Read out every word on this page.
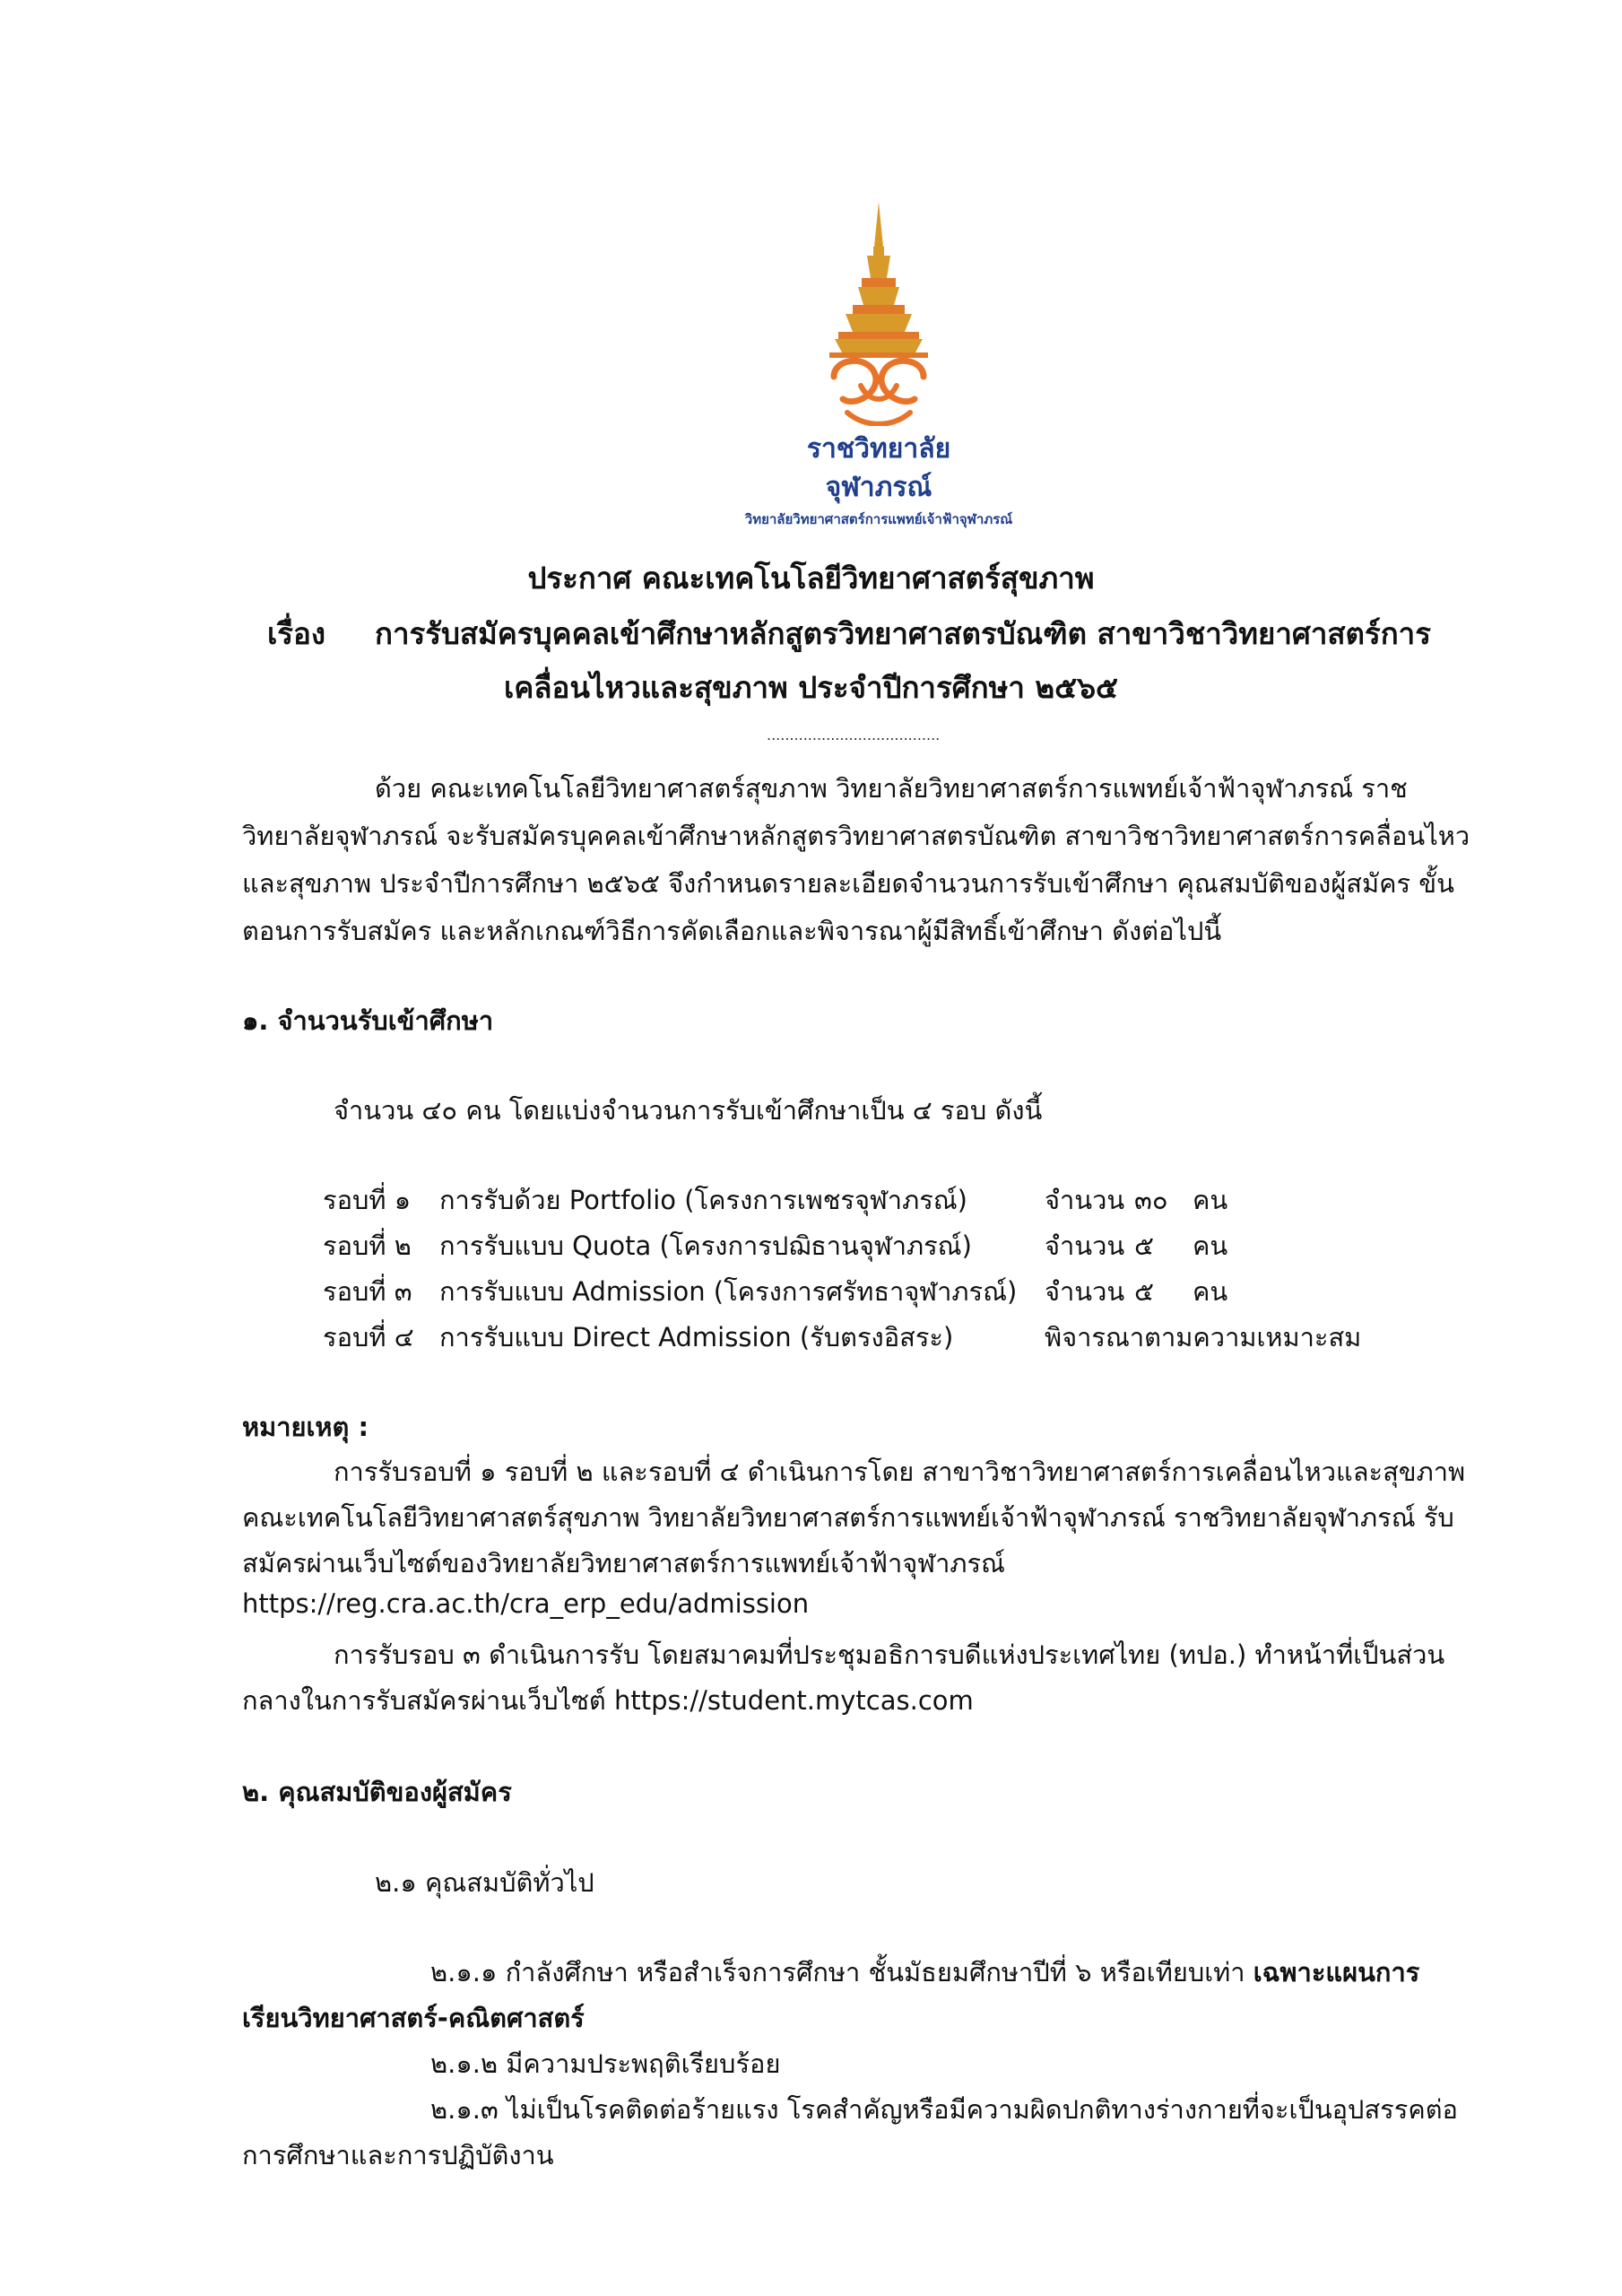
ราชวิทยาลัย
จุฬาภรณ์
วิทยาลัยวิทยาศาสตร์การแพทย์เจ้าฟ้าจุฬาภรณ์
ประกาศ คณะเทคโนโลยีวิทยาศาสตร์สุขภาพ
เรื่อง การรับสมัครบุคคลเข้าศึกษาหลักสูตรวิทยาศาสตรบัณฑิต สาขาวิชาวิทยาศาสตร์การ
เคลื่อนไหวและสุขภาพ ประจำปีการศึกษา ๒๕๖๕
......................................
ด้วย คณะเทคโนโลยีวิทยาศาสตร์สุขภาพ วิทยาลัยวิทยาศาสตร์การแพทย์เจ้าฟ้าจุฬาภรณ์ ราช
วิทยาลัยจุฬาภรณ์ จะรับสมัครบุคคลเข้าศึกษาหลักสูตรวิทยาศาสตรบัณฑิต สาขาวิชาวิทยาศาสตร์การคลื่อนไหว
และสุขภาพ ประจำปีการศึกษา ๒๕๖๕ จึงกำหนดรายละเอียดจำนวนการรับเข้าศึกษา คุณสมบัติของผู้สมัคร ขั้น
ตอนการรับสมัคร และหลักเกณฑ์วิธีการคัดเลือกและพิจารณาผู้มีสิทธิ์เข้าศึกษา ดังต่อไปนี้
๑. จำนวนรับเข้าศึกษา
จำนวน ๔๐ คน โดยแบ่งจำนวนการรับเข้าศึกษาเป็น ๔ รอบ ดังนี้
รอบที่ ๑ การรับด้วย Portfolio (โครงการเพชรจุฬาภรณ์)	จำนวน ๓๐ คน
รอบที่ ๒ การรับแบบ Quota (โครงการปฌิธานจุฬาภรณ์)	จำนวน ๕ คน
รอบที่ ๓ การรับแบบ Admission (โครงการศรัทธาจุฬาภรณ์) จำนวน ๕ คน
รอบที่ ๔ การรับแบบ Direct Admission (รับตรงอิสระ)	พิจารณาตามความเหมาะสม
หมายเหตุ :
การรับรอบที่ ๑ รอบที่ ๒ และรอบที่ ๔ ดำเนินการโดย สาขาวิชาวิทยาศาสตร์การเคลื่อนไหวและสุขภาพ
คณะเทคโนโลยีวิทยาศาสตร์สุขภาพ วิทยาลัยวิทยาศาสตร์การแพทย์เจ้าฟ้าจุฬาภรณ์ ราชวิทยาลัยจุฬาภรณ์ รับ
สมัครผ่านเว็บไซต์ของวิทยาลัยวิทยาศาสตร์การแพทย์เจ้าฟ้าจุฬาภรณ์
https://reg.cra.ac.th/cra_erp_edu/admission
การรับรอบ ๓ ดำเนินการรับ โดยสมาคมที่ประชุมอธิการบดีแห่งประเทศไทย (ทปอ.) ทำหน้าที่เป็นส่วน
กลางในการรับสมัครผ่านเว็บไซต์ https://student.mytcas.com
๒. คุณสมบัติของผู้สมัคร
๒.๑ คุณสมบัติทั่วไป
๒.๑.๑ กำลังศึกษา หรือสำเร็จการศึกษา ชั้นมัธยมศึกษาปีที่ ๖ หรือเทียบเท่า เฉพาะแผนการ
เรียนวิทยาศาสตร์-คณิตศาสตร์
๒.๑.๒ มีความประพฤติเรียบร้อย
๒.๑.๓ ไม่เป็นโรคติดต่อร้ายแรง โรคสำคัญหรือมีความผิดปกติทางร่างกายที่จะเป็นอุปสรรคต่อ
การศึกษาและการปฏิบัติงาน
